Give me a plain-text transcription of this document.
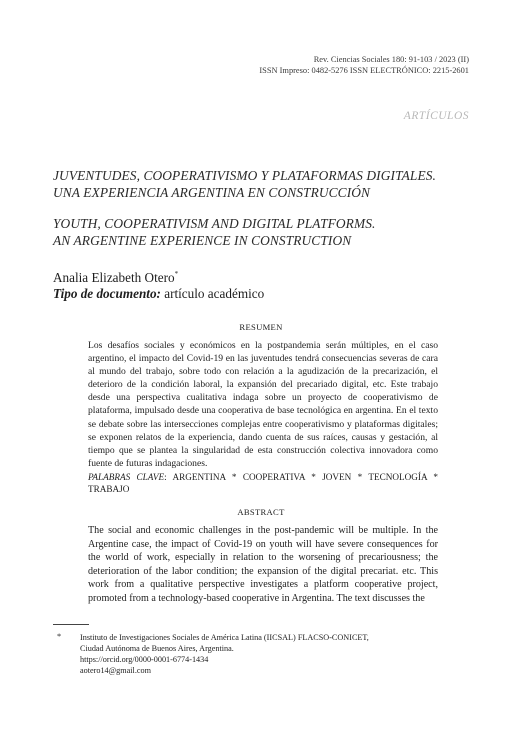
Rev. Ciencias Sociales 180: 91-103 / 2023 (II)
ISSN Impreso: 0482-5276 ISSN ELECTRÓNICO: 2215-2601
ARTÍCULOS
JUVENTUDES, COOPERATIVISMO Y PLATAFORMAS DIGITALES.
UNA EXPERIENCIA ARGENTINA EN CONSTRUCCIÓN
YOUTH, COOPERATIVISM AND DIGITAL PLATFORMS.
AN ARGENTINE EXPERIENCE IN CONSTRUCTION
Analia Elizabeth Otero*
Tipo de documento: artículo académico
RESUMEN
Los desafíos sociales y económicos en la postpandemia serán múltiples, en el caso argentino, el impacto del Covid-19 en las juventudes tendrá consecuencias severas de cara al mundo del trabajo, sobre todo con relación a la agudización de la precarización, el deterioro de la condición laboral, la expansión del precariado digital, etc. Este trabajo desde una perspectiva cualitativa indaga sobre un proyecto de cooperativismo de plataforma, impulsado desde una cooperativa de base tecnológica en argentina. En el texto se debate sobre las intersecciones complejas entre cooperativismo y plataformas digitales; se exponen relatos de la experiencia, dando cuenta de sus raíces, causas y gestación, al tiempo que se plantea la singularidad de esta construcción colectiva innovadora como fuente de futuras indagaciones.
PALABRAS CLAVE: ARGENTINA * COOPERATIVA * JOVEN * TECNOLOGÍA * TRABAJO
ABSTRACT
The social and economic challenges in the post-pandemic will be multiple. In the Argentine case, the impact of Covid-19 on youth will have severe consequences for the world of work, especially in relation to the worsening of precariousness; the deterioration of the labor condition; the expansion of the digital precariat. etc. This work from a qualitative perspective investigates a platform cooperative project, promoted from a technology-based cooperative in Argentina. The text discusses the
* Instituto de Investigaciones Sociales de América Latina (IICSAL) FLACSO-CONICET,
Ciudad Autónoma de Buenos Aires, Argentina.
https://orcid.org/0000-0001-6774-1434
aotero14@gmail.com
